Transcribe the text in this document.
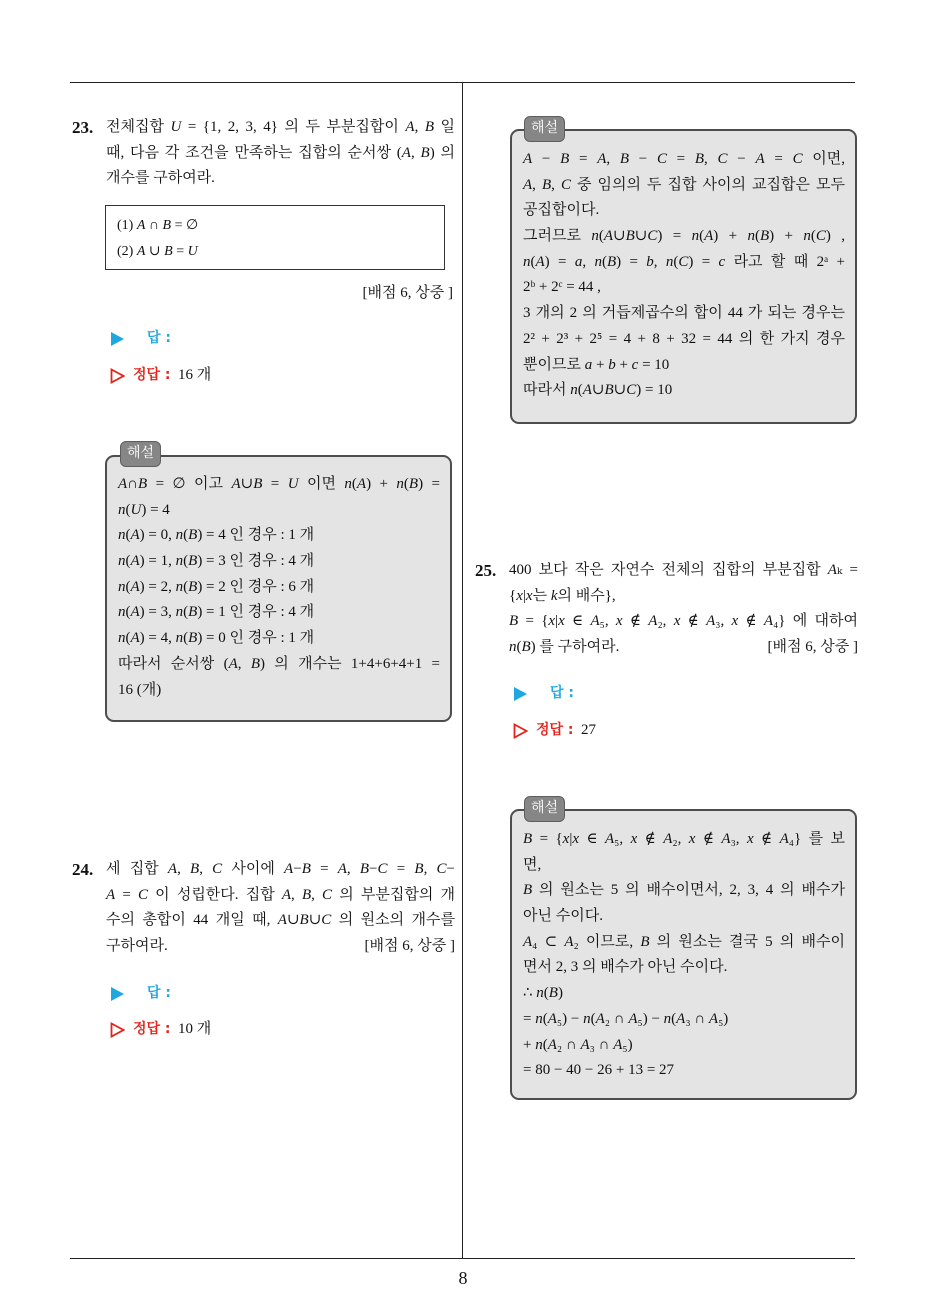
23. 전체집합 U = {1, 2, 3, 4} 의 두 부분집합이 A, B 일
때, 다음 각 조건을 만족하는 집합의 순서쌍 (A, B) 의
개수를 구하여라.
(1) A ∩ B = ∅
(2) A ∪ B = U
[배점 6, 상중 ]
답 :
정답 : 16 개
해설
A∩B = ∅ 이고 A∪B = U 이면 n(A) + n(B) =
n(U) = 4
n(A) = 0, n(B) = 4 인 경우 : 1 개
n(A) = 1, n(B) = 3 인 경우 : 4 개
n(A) = 2, n(B) = 2 인 경우 : 6 개
n(A) = 3, n(B) = 1 인 경우 : 4 개
n(A) = 4, n(B) = 0 인 경우 : 1 개
따라서 순서쌍 (A, B) 의 개수는 1+4+6+4+1 =
16 (개)
24. 세 집합 A, B, C 사이에 A−B = A, B−C = B, C−
A = C 이 성립한다. 집합 A, B, C 의 부분집합의 개
수의 총합이 44 개일 때, A∪B∪C 의 원소의 개수를
구하여라.	[배점 6, 상중 ]
답 :
정답 : 10 개
해설
A − B = A, B − C = B, C − A = C 이면,
A, B, C 중 임의의 두 집합 사이의 교집합은 모두
공집합이다.
그러므로 n(A∪B∪C) = n(A) + n(B) + n(C) ,
n(A) = a, n(B) = b, n(C) = c 라고 할 때 2ᵃ +
2ᵇ + 2ᶜ = 44 ,
3 개의 2 의 거듭제곱수의 합이 44 가 되는 경우는
2² + 2³ + 2⁵ = 4 + 8 + 32 = 44 의 한 가지 경우
뿐이므로 a + b + c = 10
따라서 n(A∪B∪C) = 10
25. 400 보다 작은 자연수 전체의 집합의 부분집합 Aₖ =
{x|x는 k의 배수},
B = {x|x ∈ A₅, x ∉ A₂, x ∉ A₃, x ∉ A₄} 에 대하여
n(B) 를 구하여라.	[배점 6, 상중 ]
답 :
정답 : 27
해설
B = {x|x ∈ A₅, x ∉ A₂, x ∉ A₃, x ∉ A₄} 를 보
면,
B 의 원소는 5 의 배수이면서, 2, 3, 4 의 배수가
아닌 수이다.
A₄ ⊂ A₂ 이므로, B 의 원소는 결국 5 의 배수이
면서 2, 3 의 배수가 아닌 수이다.
∴ n(B)
= n(A₅) − n(A₂ ∩ A₅) − n(A₃ ∩ A₅)
+ n(A₂ ∩ A₃ ∩ A₅)
= 80 − 40 − 26 + 13 = 27
8
